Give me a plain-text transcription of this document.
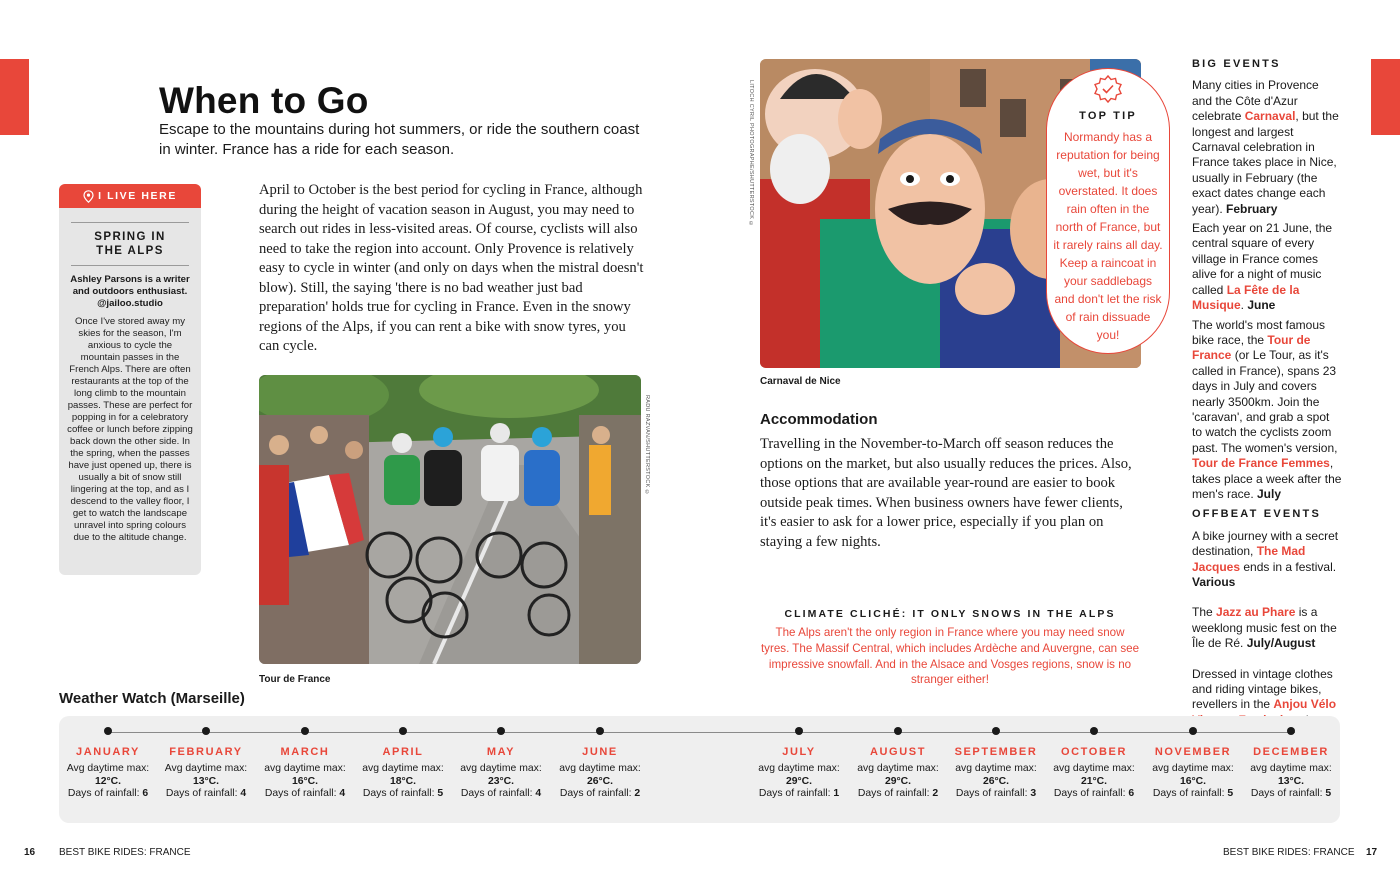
When to Go

Escape to the mountains during hot summers, or ride the southern coast in winter. France has a ride for each season.

I LIVE HERE
SPRING IN
THE ALPS

Ashley Parsons is a writer and outdoors enthusiast. @jailoo.studio

Once I've stored away my skies for the season, I'm anxious to cycle the mountain passes in the French Alps. There are often restaurants at the top of the long climb to the mountain passes. These are perfect for popping in for a celebratory coffee or lunch before zipping back down the other side. In the spring, when the passes have just opened up, there is usually a bit of snow still lingering at the top, and as I descend to the valley floor, I get to watch the landscape unravel into spring colours due to the altitude change.

April to October is the best period for cycling in France, although during the height of vacation season in August, you may need to search out rides in less-visited areas. Of course, cyclists will also need to take the region into account. Only Provence is relatively easy to cycle in winter (and only on days when the mistral doesn't blow). Still, the saying 'there is no bad weather just bad preparation' holds true for cycling in France. Even in the snowy regions of the Alps, if you can rent a bike with snow tyres, you can cycle.

RADU RAZVAN/SHUTTERSTOCK ©
Tour de France
LITOCH CYRIL PHOTOGRAPHE/SHUTTERSTOCK ©
Carnaval de Nice
TOP TIP

Normandy has a reputation for being wet, but it's overstated. It does rain often in the north of France, but it rarely rains all day. Keep a raincoat in your saddlebags and don't let the risk of rain dissuade you!

Accommodation

Travelling in the November-to-March off season reduces the options on the market, but also usually reduces the prices. Also, those options that are available year-round are easier to book outside peak times. When business owners have fewer clients, it's easier to ask for a lower price, especially if you plan on staying a few nights.

CLIMATE CLICHÉ: IT ONLY SNOWS IN THE ALPS

The Alps aren't the only region in France where you may need snow tyres. The Massif Central, which includes Ardèche and Auvergne, can see impressive snowfall. And in the Alsace and Vosges regions, snow is no stranger either!

BIG EVENTS

Many cities in Provence and the Côte d'Azur celebrate Carnaval, but the longest and largest Carnaval celebration in France takes place in Nice, usually in February (the exact dates change each year). February

Each year on 21 June, the central square of every village in France comes alive for a night of music called La Fête de la Musique. June

The world's most famous bike race, the Tour de France (or Le Tour, as it's called in France), spans 23 days in July and covers nearly 3500km. Join the 'caravan', and grab a spot to watch the cyclists zoom past. The women's version, Tour de France Femmes, takes place a week after the men's race. July

OFFBEAT EVENTS

A bike journey with a secret destination, The Mad Jacques ends in a festival. Various

The Jazz au Phare is a weeklong music fest on the Île de Ré. July/August

Dressed in vintage clothes and riding vintage bikes, revellers in the Anjou Vélo

Weather Watch (Marseille)
JANUARY
Avg daytime max:
12°C.
Days of rainfall: 6
FEBRUARY
Avg daytime max:
13°C.
Days of rainfall: 4
MARCH
avg daytime max:
16°C.
Days of rainfall: 4
APRIL
avg daytime max:
18°C.
Days of rainfall: 5
MAY
avg daytime max:
23°C.
Days of rainfall: 4
JUNE
avg daytime max:
26°C.
Days of rainfall: 2
JULY
avg daytime max:
29°C.
Days of rainfall: 1
AUGUST
avg daytime max:
29°C.
Days of rainfall: 2
SEPTEMBER
avg daytime max:
26°C.
Days of rainfall: 3
OCTOBER
avg daytime max:
21°C.
Days of rainfall: 6
NOVEMBER
avg daytime max:
16°C.
Days of rainfall: 5
DECEMBER
avg daytime max:
13°C.
Days of rainfall: 5
16 BEST BIKE RIDES: FRANCE	BEST BIKE RIDES: FRANCE 17
